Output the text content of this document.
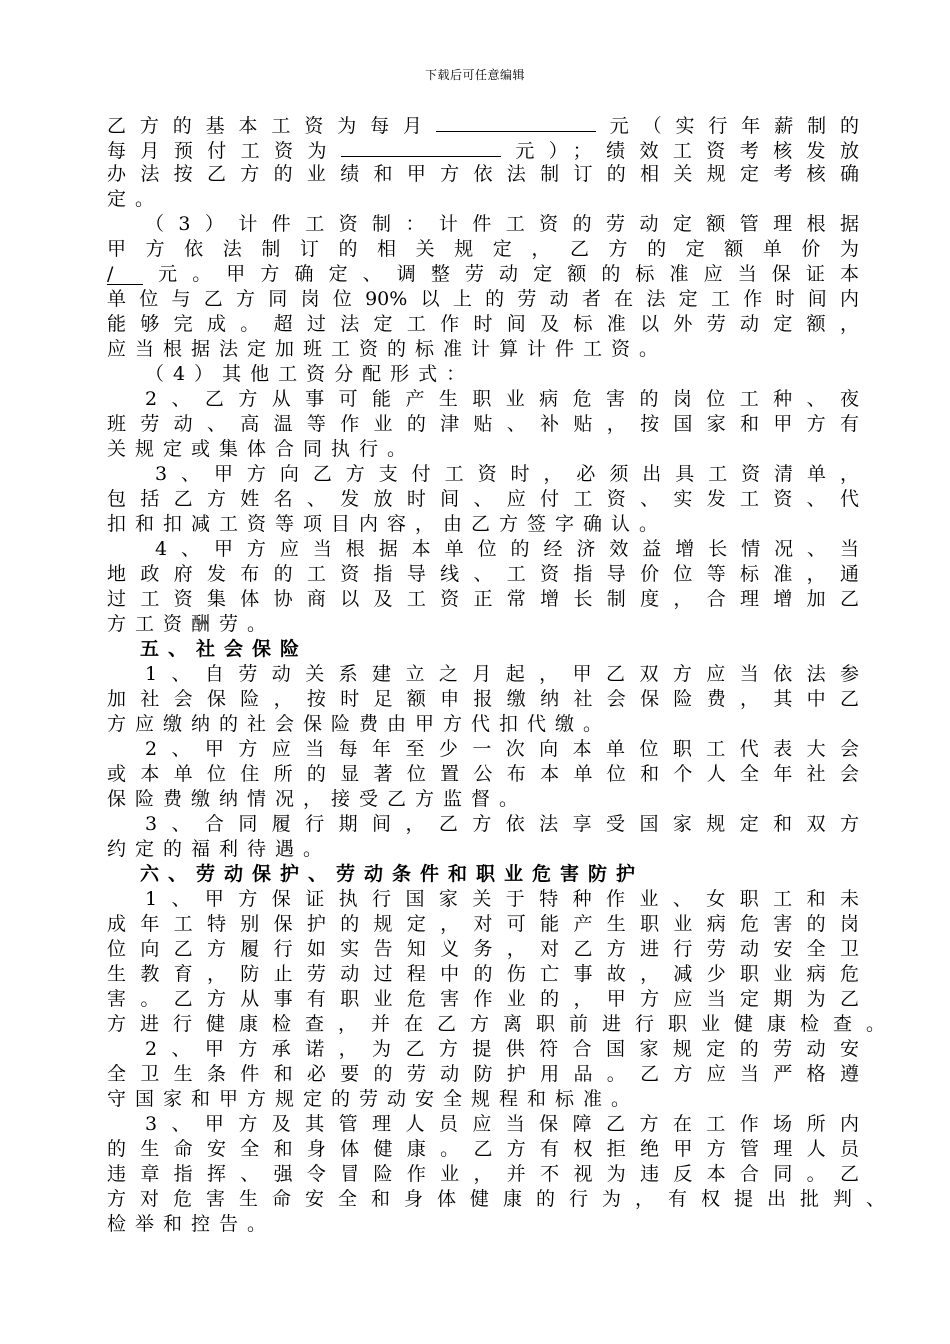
下载后可任意编辑
乙方的基本工资为每月	元（实行年薪制的
每月预付工资为	元）；绩效工资考核发放
办法按乙方的业绩和甲方依法制订的相关规定考核确
定。
（3）计件工资制：计件工资的劳动定额管理根据
甲方依法制订的相关规定，乙方的定额单价为
/ 元。甲方确定、调整劳动定额的标准应当保证本
单位与乙方同岗位90%以上的劳动者在法定工作时间内
能够完成。超过法定工作时间及标准以外劳动定额，
应当根据法定加班工资的标准计算计件工资。
（4）其他工资分配形式：
2、乙方从事可能产生职业病危害的岗位工种、夜
班劳动、高温等作业的津贴、补贴，按国家和甲方有
关规定或集体合同执行。
3、甲方向乙方支付工资时，必须出具工资清单，
包括乙方姓名、发放时间、应付工资、实发工资、代
扣和扣减工资等项目内容，由乙方签字确认。
4、甲方应当根据本单位的经济效益增长情况、当
地政府发布的工资指导线、工资指导价位等标准，通
过工资集体协商以及工资正常增长制度，合理增加乙
方工资酬劳。
五、社会保险
1、自劳动关系建立之月起，甲乙双方应当依法参
加社会保险，按时足额申报缴纳社会保险费，其中乙
方应缴纳的社会保险费由甲方代扣代缴。
2、甲方应当每年至少一次向本单位职工代表大会
或本单位住所的显著位置公布本单位和个人全年社会
保险费缴纳情况，接受乙方监督。
3、合同履行期间，乙方依法享受国家规定和双方
约定的福利待遇。
六、劳动保护、劳动条件和职业危害防护
1、甲方保证执行国家关于特种作业、女职工和未
成年工特别保护的规定，对可能产生职业病危害的岗
位向乙方履行如实告知义务，对乙方进行劳动安全卫
生教育，防止劳动过程中的伤亡事故，减少职业病危
害。乙方从事有职业危害作业的，甲方应当定期为乙
方进行健康检查，并在乙方离职前进行职业健康检查。
2、甲方承诺，为乙方提供符合国家规定的劳动安
全卫生条件和必要的劳动防护用品。乙方应当严格遵
守国家和甲方规定的劳动安全规程和标准。
3、甲方及其管理人员应当保障乙方在工作场所内
的生命安全和身体健康。乙方有权拒绝甲方管理人员
违章指挥、强令冒险作业，并不视为违反本合同。乙
方对危害生命安全和身体健康的行为，有权提出批判、
检举和控告。
